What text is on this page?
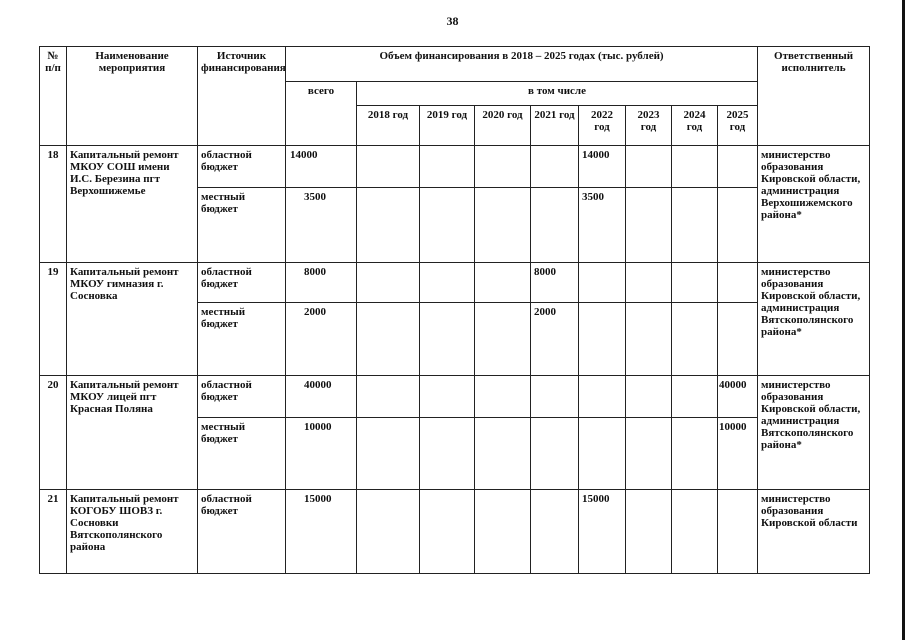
38
№ п/п	Наименование мероприятия	Источник финансирования	Объем финансирования в 2018 – 2025 годах (тыс. рублей)									Ответственный исполнитель
			всего	в том числе								
				2018 год	2019 год	2020 год	2021 год	2022 год	2023 год	2024 год	2025 год	
18	Капитальный ремонт МКОУ СОШ имени И.С. Березина пгт Верхошижемье	областной бюджет	14000					14000				министерство образования Кировской области, администрация Верхошижемского района*
		местный бюджет	3500					3500				
19	Капитальный ремонт МКОУ гимназия г. Сосновка	областной бюджет	8000				8000					министерство образования Кировской области, администрация Вятскополянского района*
		местный бюджет	2000				2000					
20	Капитальный ремонт МКОУ лицей пгт Красная Поляна	областной бюджет	40000								40000	министерство образования Кировской области, администрация Вятскополянского района*
		местный бюджет	10000								10000	
21	Капитальный ремонт КОГОБУ ШОВЗ г. Сосновки Вятскополянского района	областной бюджет	15000					15000				министерство образования Кировской области
